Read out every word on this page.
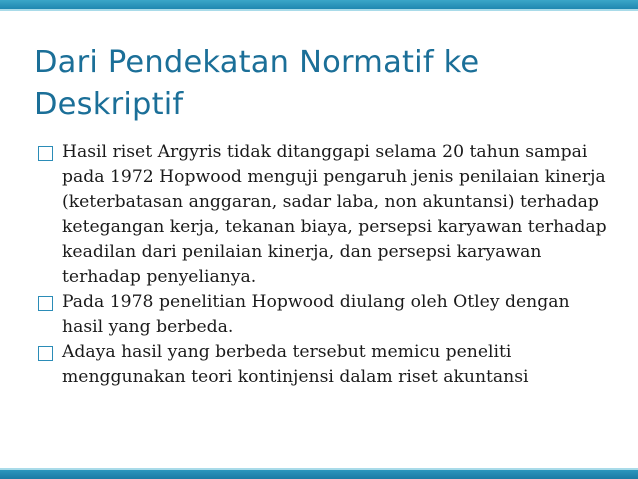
Dari Pendekatan Normatif ke Deskriptif
Hasil riset Argyris tidak ditanggapi selama 20 tahun sampai pada 1972 Hopwood menguji pengaruh jenis penilaian kinerja (keterbatasan anggaran, sadar laba, non akuntansi) terhadap ketegangan kerja, tekanan biaya, persepsi karyawan terhadap keadilan dari penilaian kinerja, dan persepsi karyawan terhadap penyelianya.
Pada 1978 penelitian Hopwood diulang oleh Otley dengan hasil yang berbeda.
Adaya hasil yang berbeda tersebut memicu peneliti menggunakan teori kontinjensi dalam riset akuntansi
